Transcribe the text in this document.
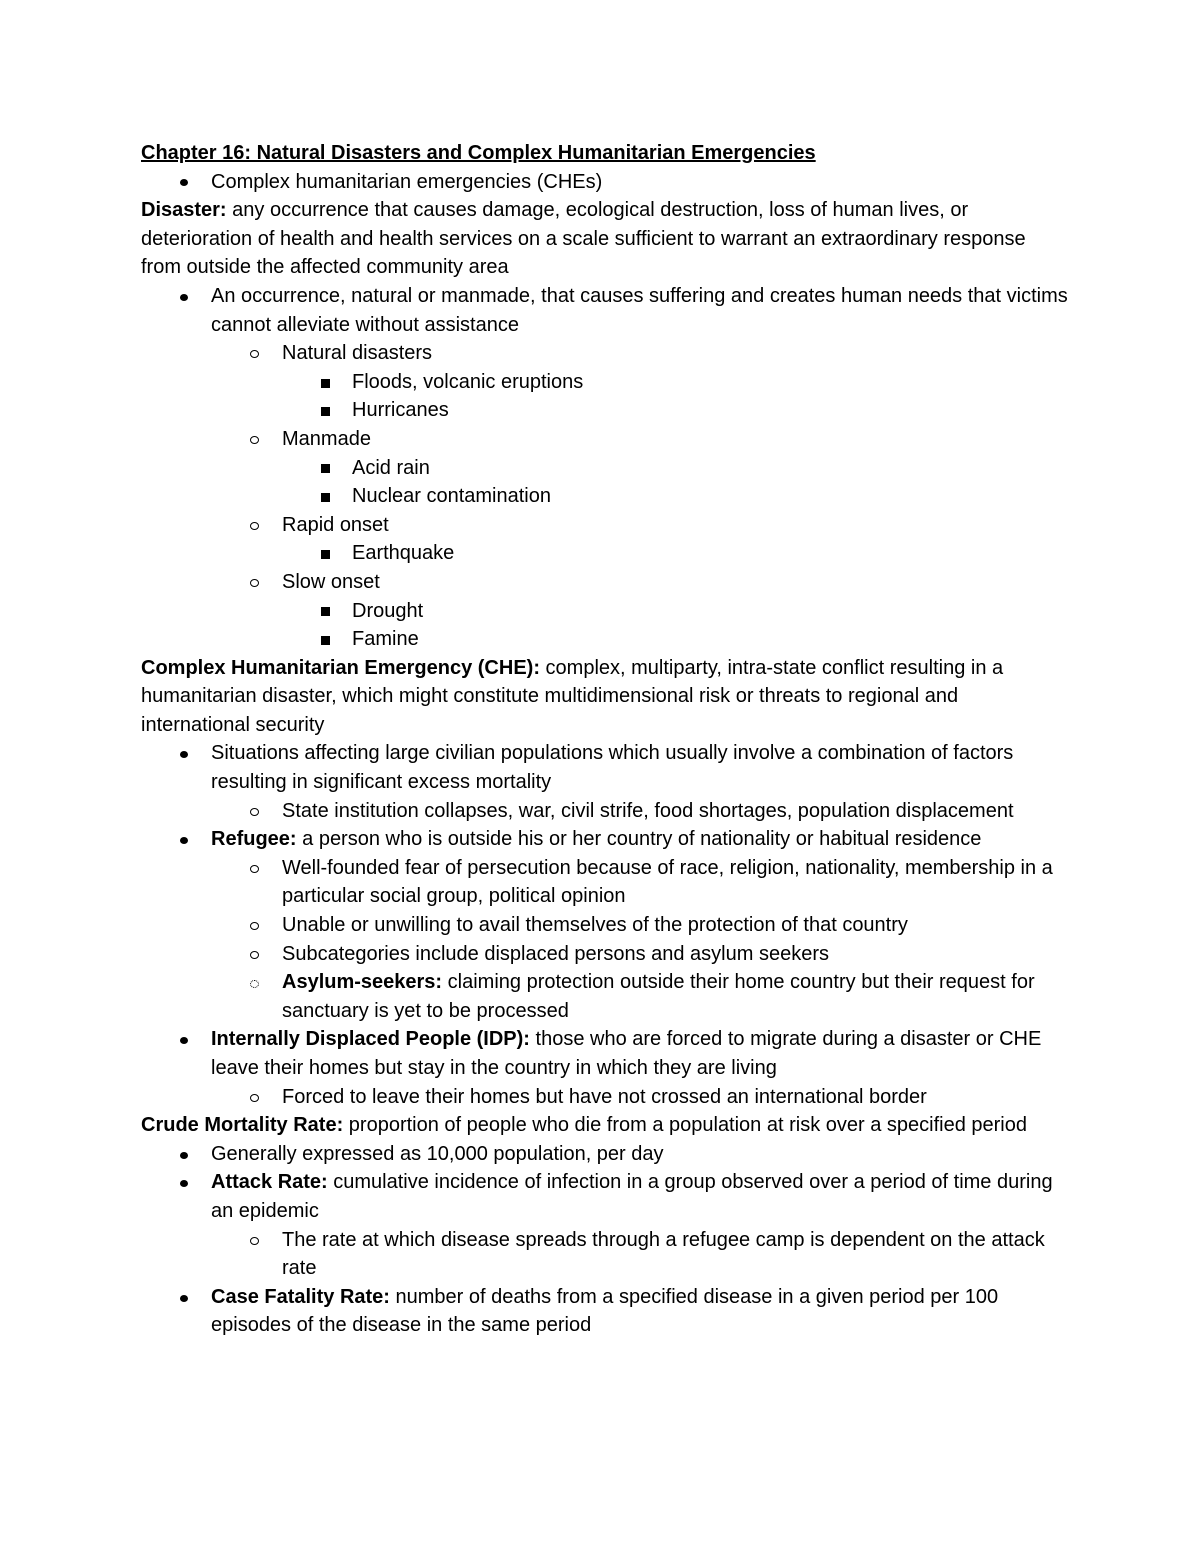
Chapter 16: Natural Disasters and Complex Humanitarian Emergencies
Complex humanitarian emergencies (CHEs)

Disaster: any occurrence that causes damage, ecological destruction, loss of human lives, or deterioration of health and health services on a scale sufficient to warrant an extraordinary response from outside the affected community area

An occurrence, natural or manmade, that causes suffering and creates human needs that victims cannot alleviate without assistance
Natural disasters
Floods, volcanic eruptions
Hurricanes
Manmade
Acid rain
Nuclear contamination
Rapid onset
Earthquake
Slow onset
Drought
Famine

Complex Humanitarian Emergency (CHE): complex, multiparty, intra-state conflict resulting in a humanitarian disaster, which might constitute multidimensional risk or threats to regional and international security

Situations affecting large civilian populations which usually involve a combination of factors resulting in significant excess mortality
State institution collapses, war, civil strife, food shortages, population displacement
Refugee: a person who is outside his or her country of nationality or habitual residence
Well-founded fear of persecution because of race, religion, nationality, membership in a particular social group, political opinion
Unable or unwilling to avail themselves of the protection of that country
Subcategories include displaced persons and asylum seekers
Asylum-seekers: claiming protection outside their home country but their request for sanctuary is yet to be processed
Internally Displaced People (IDP): those who are forced to migrate during a disaster or CHE leave their homes but stay in the country in which they are living
Forced to leave their homes but have not crossed an international border

Crude Mortality Rate: proportion of people who die from a population at risk over a specified period

Generally expressed as 10,000 population, per day
Attack Rate: cumulative incidence of infection in a group observed over a period of time during an epidemic
The rate at which disease spreads through a refugee camp is dependent on the attack rate
Case Fatality Rate: number of deaths from a specified disease in a given period per 100 episodes of the disease in the same period
